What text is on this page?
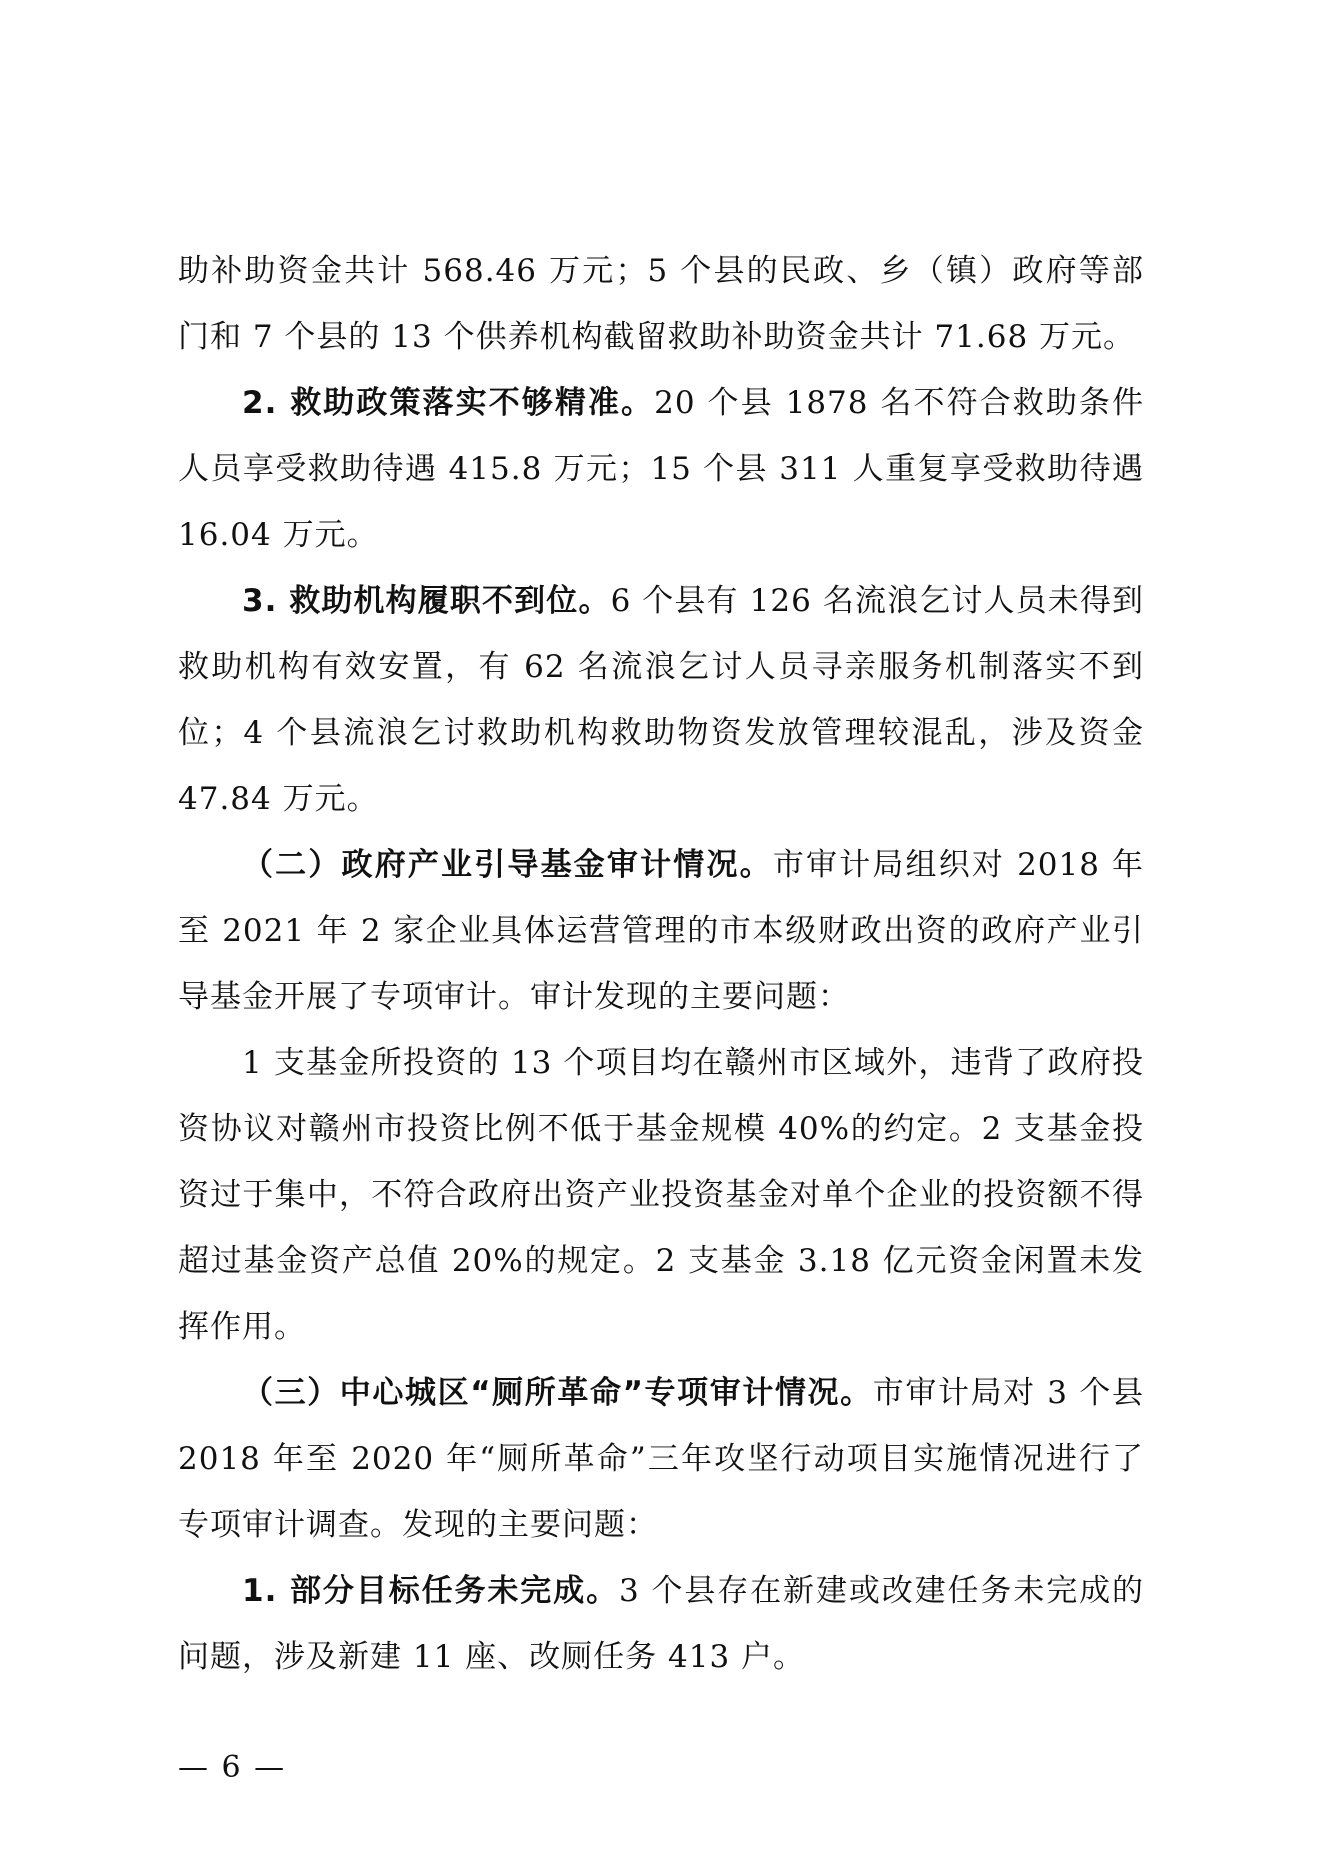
助补助资金共计 568.46 万元；5 个县的民政、乡（镇）政府等部门和 7 个县的 13 个供养机构截留救助补助资金共计 71.68 万元。

2. 救助政策落实不够精准。20 个县 1878 名不符合救助条件人员享受救助待遇 415.8 万元；15 个县 311 人重复享受救助待遇 16.04 万元。

3. 救助机构履职不到位。6 个县有 126 名流浪乞讨人员未得到救助机构有效安置，有 62 名流浪乞讨人员寻亲服务机制落实不到位；4 个县流浪乞讨救助机构救助物资发放管理较混乱，涉及资金 47.84 万元。

（二）政府产业引导基金审计情况。市审计局组织对 2018 年至 2021 年 2 家企业具体运营管理的市本级财政出资的政府产业引导基金开展了专项审计。审计发现的主要问题：

1 支基金所投资的 13 个项目均在赣州市区域外，违背了政府投资协议对赣州市投资比例不低于基金规模 40%的约定。2 支基金投资过于集中，不符合政府出资产业投资基金对单个企业的投资额不得超过基金资产总值 20%的规定。2 支基金 3.18 亿元资金闲置未发挥作用。

（三）中心城区“厕所革命”专项审计情况。市审计局对 3 个县 2018 年至 2020 年“厕所革命”三年攻坚行动项目实施情况进行了专项审计调查。发现的主要问题：

1. 部分目标任务未完成。3 个县存在新建或改建任务未完成的问题，涉及新建 11 座、改厕任务 413 户。

— 6 —
